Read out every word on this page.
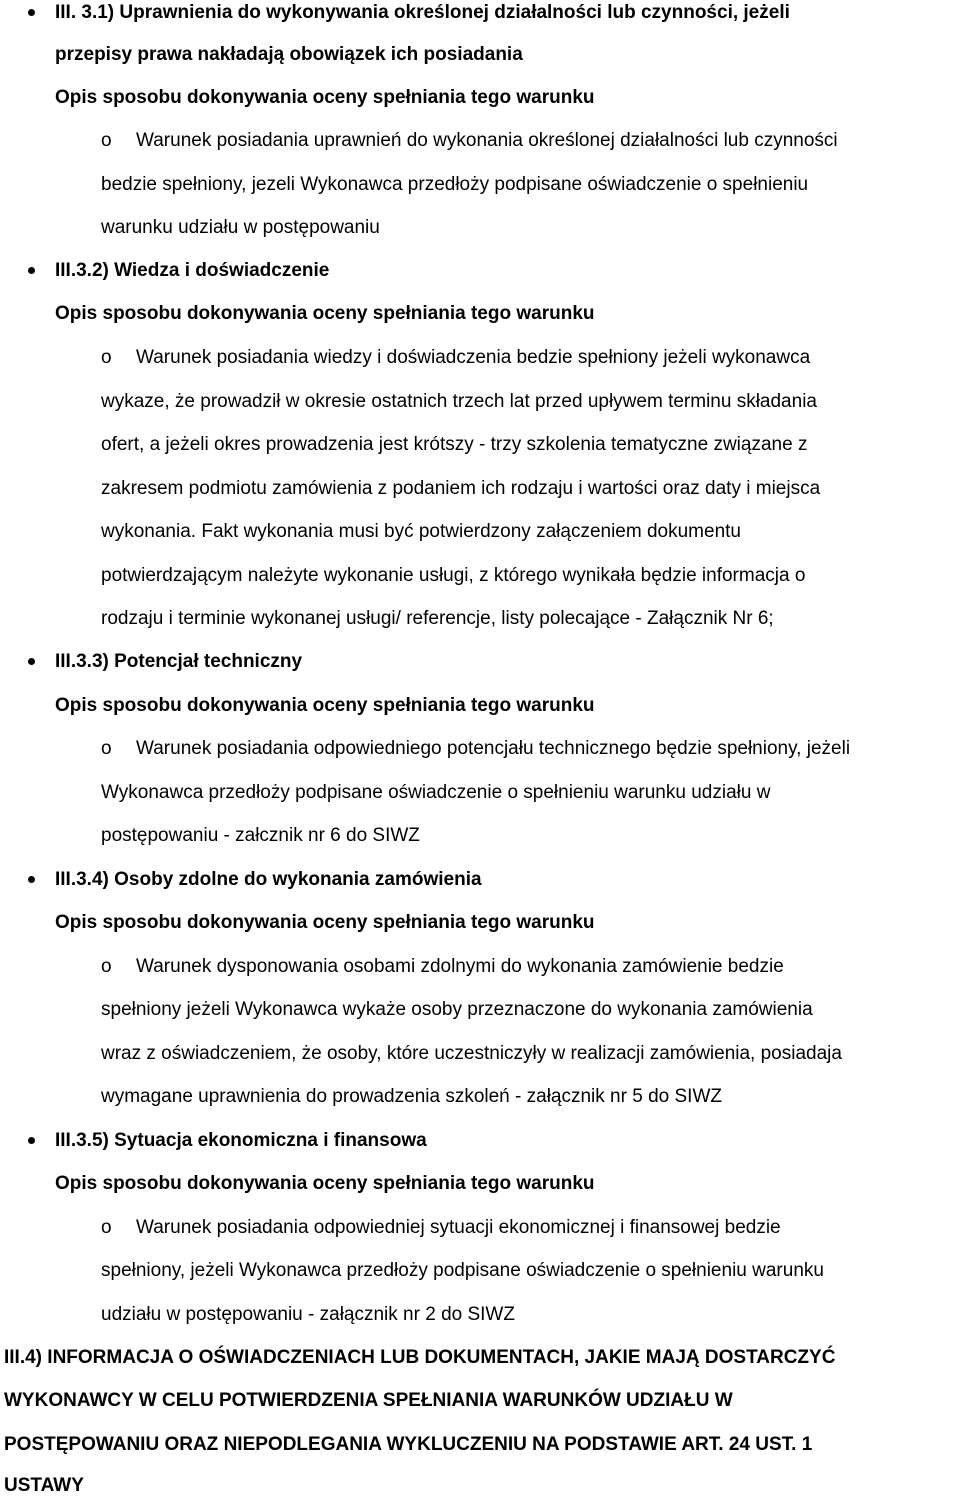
III. 3.1) Uprawnienia do wykonywania określonej działalności lub czynności, jeżeli
przepisy prawa nakładają obowiązek ich posiadania
Opis sposobu dokonywania oceny spełniania tego warunku
o Warunek posiadania uprawnień do wykonania określonej działalności lub czynności
bedzie spełniony, jezeli Wykonawca przedłoży podpisane oświadczenie o spełnieniu
warunku udziału w postępowaniu
III.3.2) Wiedza i doświadczenie
Opis sposobu dokonywania oceny spełniania tego warunku
o Warunek posiadania wiedzy i doświadczenia bedzie spełniony jeżeli wykonawca
wykaze, że prowadził w okresie ostatnich trzech lat przed upływem terminu składania
ofert, a jeżeli okres prowadzenia jest krótszy - trzy szkolenia tematyczne związane z
zakresem podmiotu zamówienia z podaniem ich rodzaju i wartości oraz daty i miejsca
wykonania. Fakt wykonania musi być potwierdzony załączeniem dokumentu
potwierdzającym należyte wykonanie usługi, z którego wynikała będzie informacja o
rodzaju i terminie wykonanej usługi/ referencje, listy polecające - Załącznik Nr 6;
III.3.3) Potencjał techniczny
Opis sposobu dokonywania oceny spełniania tego warunku
o Warunek posiadania odpowiedniego potencjału technicznego będzie spełniony, jeżeli
Wykonawca przedłoży podpisane oświadczenie o spełnieniu warunku udziału w
postępowaniu - załcznik nr 6 do SIWZ
III.3.4) Osoby zdolne do wykonania zamówienia
Opis sposobu dokonywania oceny spełniania tego warunku
o Warunek dysponowania osobami zdolnymi do wykonania zamówienie bedzie
spełniony jeżeli Wykonawca wykaże osoby przeznaczone do wykonania zamówienia
wraz z oświadczeniem, że osoby, które uczestniczyły w realizacji zamówienia, posiadaja
wymagane uprawnienia do prowadzenia szkoleń - załącznik nr 5 do SIWZ
III.3.5) Sytuacja ekonomiczna i finansowa
Opis sposobu dokonywania oceny spełniania tego warunku
o Warunek posiadania odpowiedniej sytuacji ekonomicznej i finansowej bedzie
spełniony, jeżeli Wykonawca przedłoży podpisane oświadczenie o spełnieniu warunku
udziału w postępowaniu - załącznik nr 2 do SIWZ
III.4) INFORMACJA O OŚWIADCZENIACH LUB DOKUMENTACH, JAKIE MAJĄ DOSTARCZYĆ
WYKONAWCY W CELU POTWIERDZENIA SPEŁNIANIA WARUNKÓW UDZIAŁU W
POSTĘPOWANIU ORAZ NIEPODLEGANIA WYKLUCZENIU NA PODSTAWIE ART. 24 UST. 1
USTAWY
